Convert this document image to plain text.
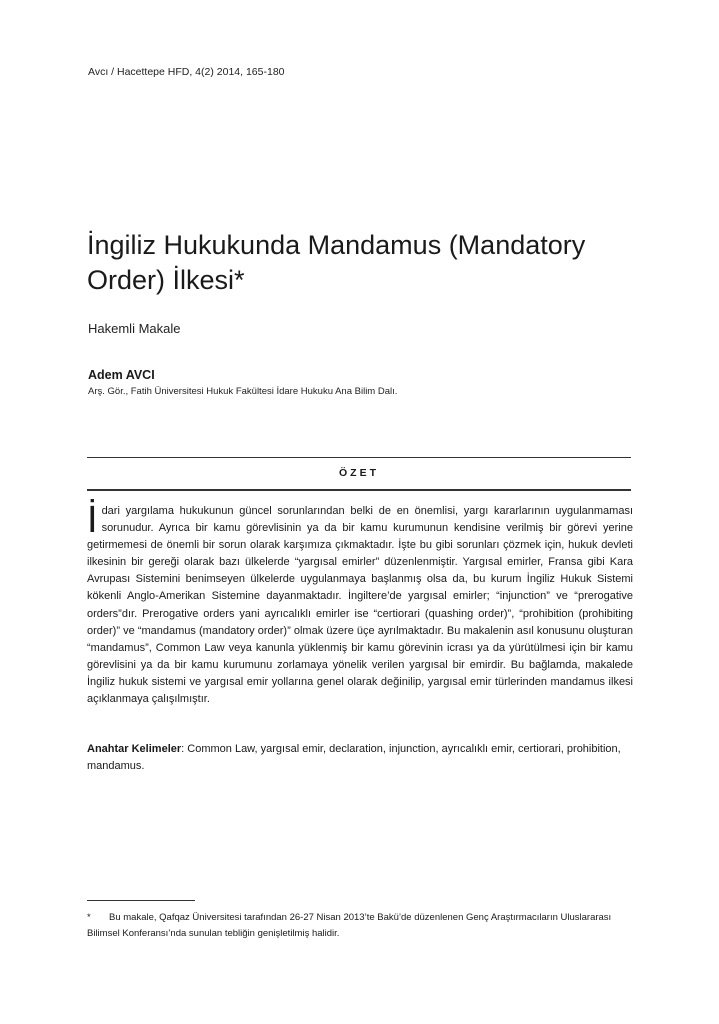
Avcı / Hacettepe HFD, 4(2) 2014, 165-180
İngiliz Hukukunda Mandamus (Mandatory Order) İlkesi*
Hakemli Makale
Adem AVCI
Arş. Gör., Fatih Üniversitesi Hukuk Fakültesi İdare Hukuku Ana Bilim Dalı.
ÖZET

İdari yargılama hukukunun güncel sorunlarından belki de en önemlisi, yargı kararlarının uygulanmaması sorunudur. Ayrıca bir kamu görevlisinin ya da bir kamu kurumunun kendisine verilmiş bir görevi yerine getirmemesi de önemli bir sorun olarak karşımıza çıkmaktadır. İşte bu gibi sorunları çözmek için, hukuk devleti ilkesinin bir gereği olarak bazı ülkelerde “yargısal emirler” düzenlenmiştir. Yargısal emirler, Fransa gibi Kara Avrupası Sistemini benimseyen ülkelerde uygulanmaya başlanmış olsa da, bu kurum İngiliz Hukuk Sistemi kökenli Anglo-Amerikan Sistemine dayanmaktadır. İngiltere’de yargısal emirler; “injunction” ve “prerogative orders”dır. Prerogative orders yani ayrıcalıklı emirler ise “certiorari (quashing order)”, “prohibition (prohibiting order)” ve “mandamus (mandatory order)” olmak üzere üçe ayrılmaktadır. Bu makalenin asıl konusunu oluşturan “mandamus”, Common Law veya kanunla yüklenmiş bir kamu görevinin icrası ya da yürütülmesi için bir kamu görevlisini ya da bir kamu kurumunu zorlamaya yönelik verilen yargısal bir emirdir. Bu bağlamda, makalede İngiliz hukuk sistemi ve yargısal emir yollarına genel olarak değinilip, yargısal emir türlerinden mandamus ilkesi açıklanmaya çalışılmıştır.

Anahtar Kelimeler: Common Law, yargısal emir, declaration, injunction, ayrıcalıklı emir, certiorari, prohibition, mandamus.

* Bu makale, Qafqaz Üniversitesi tarafından 26-27 Nisan 2013’te Bakü’de düzenlenen Genç Araştırmacıların Uluslararası Bilimsel Konferansı’nda sunulan tebliğin genişletilmiş halidir.
